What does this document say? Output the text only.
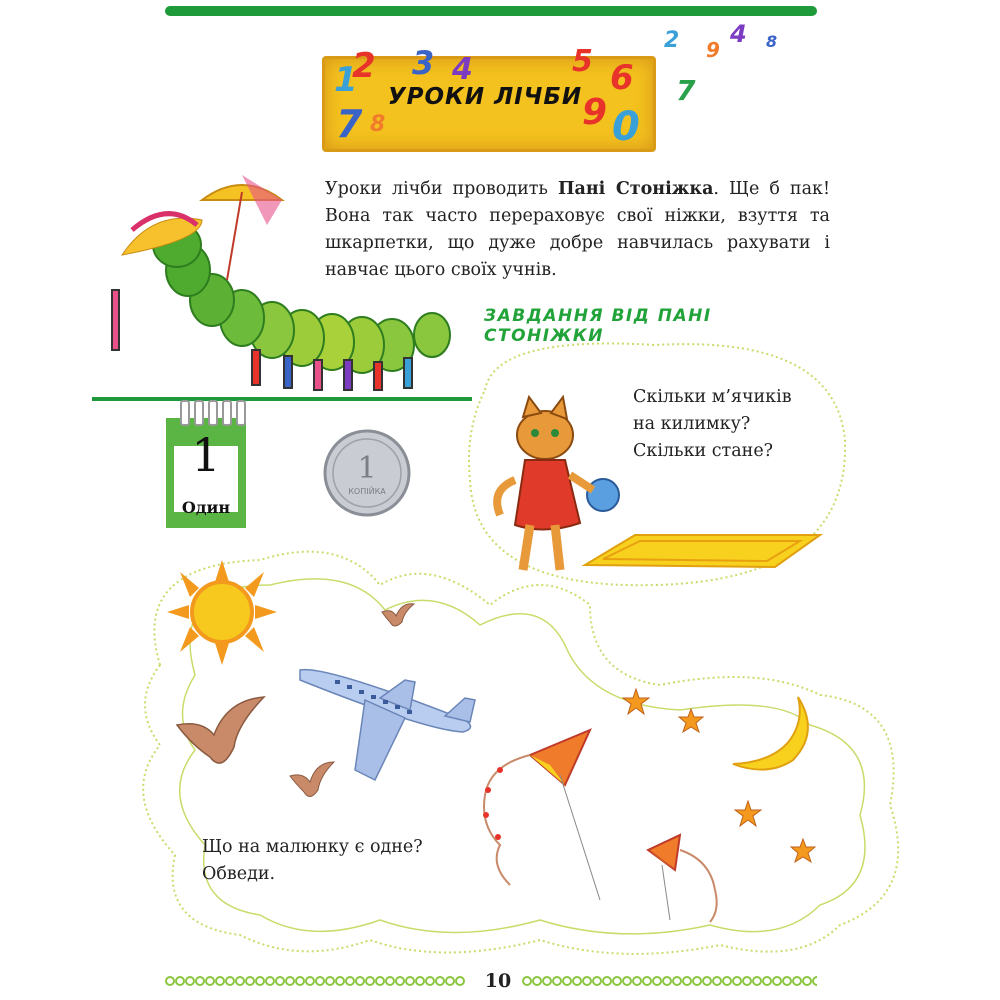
УРОКИ ЛІЧБИ
1
2 3 4	5 6
7 8	9 0
7
2 9
4 8
Уроки лічби проводить Пані Стоніжка. Ще б пак! Вона так часто перераховує свої ніжки, взуття та шкарпетки, що дуже добре навчилась рахувати і навчає цього своїх учнів.
ЗАВДАННЯ ВІД ПАНІ СТОНІЖКИ
Скільки м’ячиків
на килимку?
Скільки стане?
1
Один
1
КОПІЙКА
Що на малюнку є одне?
Обведи.
10
